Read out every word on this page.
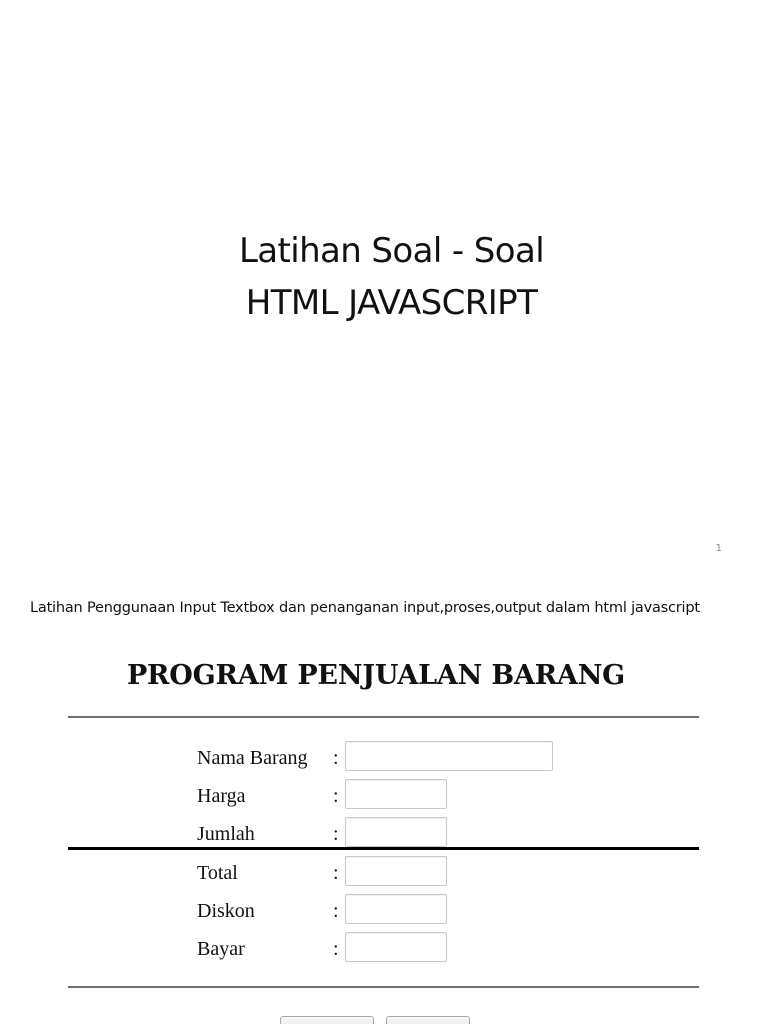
Latihan Soal - Soal
HTML JAVASCRIPT
1
Latihan Penggunaan Input Textbox dan penanganan input,proses,output dalam html javascript
PROGRAM PENJUALAN BARANG
Nama Barang :
Harga	:
Jumlah	:
Total	:
Diskon	:
Bayar	:
